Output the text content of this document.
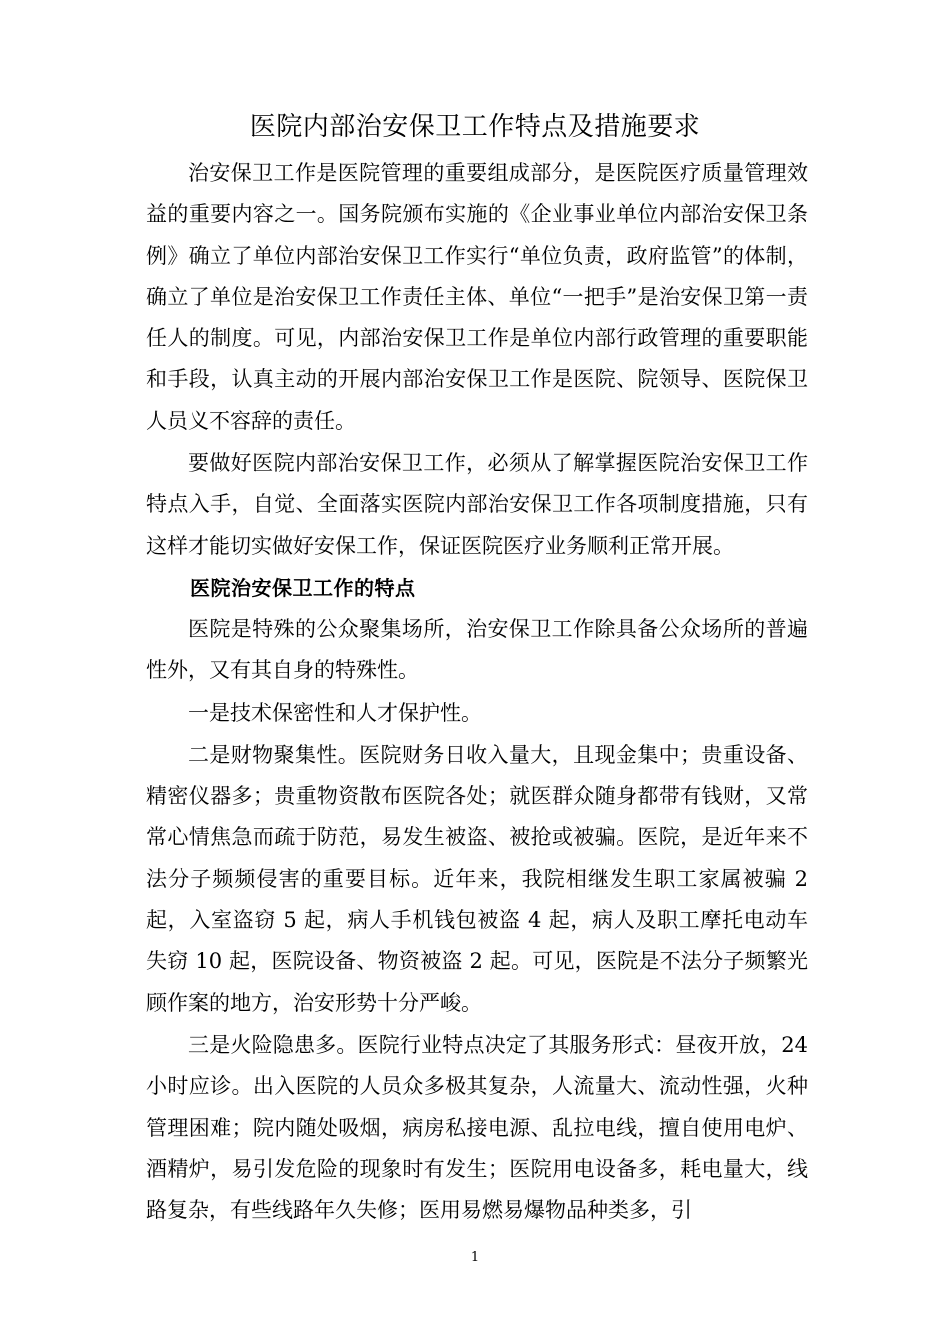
医院内部治安保卫工作特点及措施要求

治安保卫工作是医院管理的重要组成部分，是医院医疗质量管理效益的重要内容之一。国务院颁布实施的《企业事业单位内部治安保卫条例》确立了单位内部治安保卫工作实行“单位负责，政府监管”的体制，确立了单位是治安保卫工作责任主体、单位“一把手”是治安保卫第一责任人的制度。可见，内部治安保卫工作是单位内部行政管理的重要职能和手段，认真主动的开展内部治安保卫工作是医院、院领导、医院保卫人员义不容辞的责任。

要做好医院内部治安保卫工作，必须从了解掌握医院治安保卫工作特点入手，自觉、全面落实医院内部治安保卫工作各项制度措施，只有这样才能切实做好安保工作，保证医院医疗业务顺利正常开展。

医院治安保卫工作的特点

医院是特殊的公众聚集场所，治安保卫工作除具备公众场所的普遍性外，又有其自身的特殊性。

一是技术保密性和人才保护性。

二是财物聚集性。医院财务日收入量大，且现金集中；贵重设备、精密仪器多；贵重物资散布医院各处；就医群众随身都带有钱财，又常常心情焦急而疏于防范，易发生被盗、被抢或被骗。医院，是近年来不法分子频频侵害的重要目标。近年来，我院相继发生职工家属被骗 2 起，入室盗窃 5 起，病人手机钱包被盗 4 起，病人及职工摩托电动车失窃 10 起，医院设备、物资被盗 2 起。可见，医院是不法分子频繁光顾作案的地方，治安形势十分严峻。

三是火险隐患多。医院行业特点决定了其服务形式：昼夜开放，24 小时应诊。出入医院的人员众多极其复杂，人流量大、流动性强，火种管理困难；院内随处吸烟，病房私接电源、乱拉电线，擅自使用电炉、酒精炉，易引发危险的现象时有发生；医院用电设备多，耗电量大，线路复杂，有些线路年久失修；医用易燃易爆物品种类多，引

1
